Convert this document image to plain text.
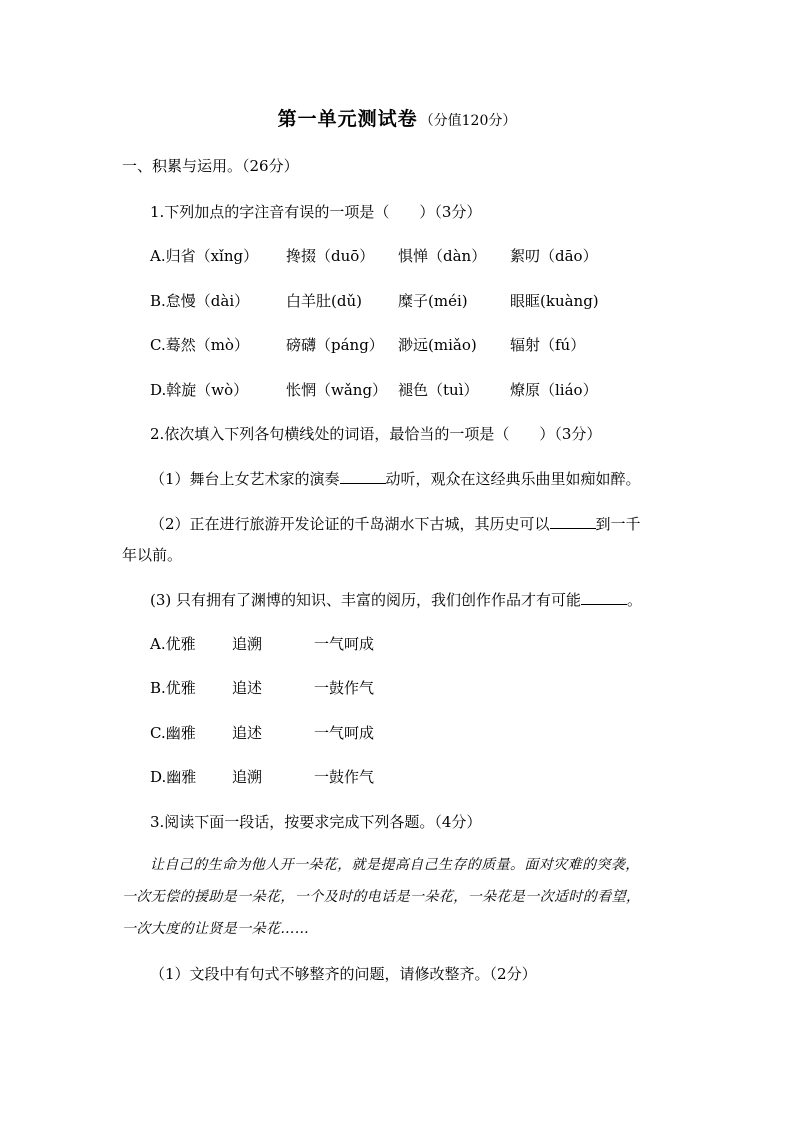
第一单元测试卷 （分值120分）
一、积累与运用。（26分）
1.下列加点的字注音有误的一项是（　　）（3分）
A.归省（xǐng） 搀掇（duō） 惧惮（dàn） 絮叨（dāo）
B.怠慢（dài） 白羊肚(dǔ) 糜子(méi)	眼眶(kuàng)
C.蓦然（mò） 磅礴（páng） 渺远(miǎo) 辐射（fú）
D.斡旋（wò）	怅惘（wǎng） 褪色（tuì） 燎原（liáo）
2.依次填入下列各句横线处的词语，最恰当的一项是（　　）（3分）
（1）舞台上女艺术家的演奏	动听，观众在这经典乐曲里如痴如醉。
（2）正在进行旅游开发论证的千岛湖水下古城，其历史可以	到一千
年以前。
(3) 只有拥有了渊博的知识、丰富的阅历，我们创作作品才有可能	。
A.优雅 追溯	一气呵成
B.优雅 追述	一鼓作气
C.幽雅 追述	一气呵成
D.幽雅 追溯	一鼓作气
3.阅读下面一段话，按要求完成下列各题。（4分）
让自己的生命为他人开一朵花，就是提高自己生存的质量。面对灾难的突袭，
一次无偿的援助是一朵花，一个及时的电话是一朵花，一朵花是一次适时的看望，
一次大度的让贤是一朵花……
（1）文段中有句式不够整齐的问题，请修改整齐。（2分）
